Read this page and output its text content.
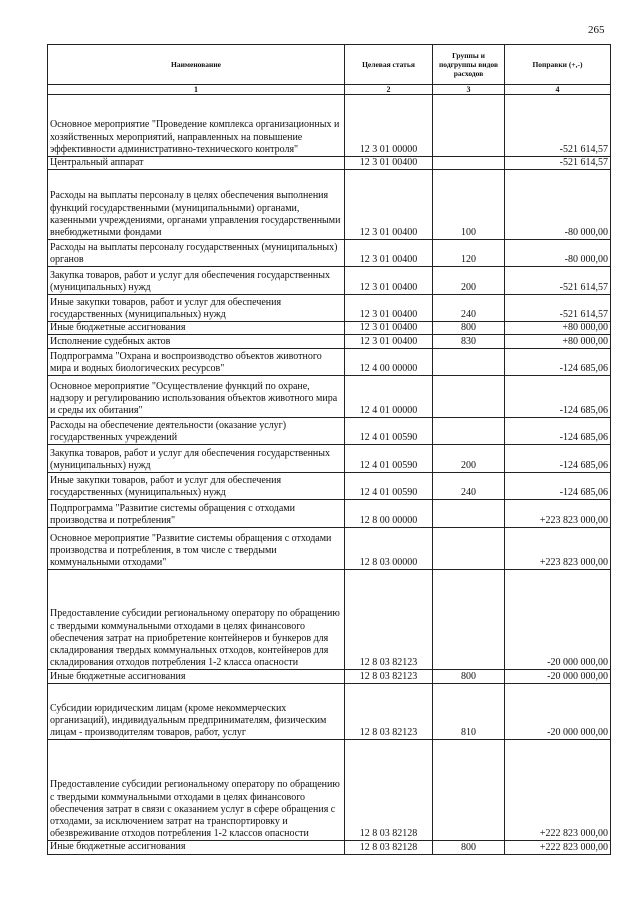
265
Наименование	Целевая статья	Группы и подгруппы видов расходов	Поправки (+,-)
1	2	3	4
Основное мероприятие "Проведение комплекса организационных и хозяйственных мероприятий, направленных на повышение эффективности административно-технического контроля"	12 3 01 00000		-521 614,57
Центральный аппарат	12 3 01 00400		-521 614,57
Расходы на выплаты персоналу в целях обеспечения выполнения функций государственными (муниципальными) органами, казенными учреждениями, органами управления государственными внебюджетными фондами	12 3 01 00400	100	-80 000,00
Расходы на выплаты персоналу государственных (муниципальных) органов	12 3 01 00400	120	-80 000,00
Закупка товаров, работ и услуг для обеспечения государственных (муниципальных) нужд	12 3 01 00400	200	-521 614,57
Иные закупки товаров, работ и услуг для обеспечения государственных (муниципальных) нужд	12 3 01 00400	240	-521 614,57
Иные бюджетные ассигнования	12 3 01 00400	800	+80 000,00
Исполнение судебных актов	12 3 01 00400	830	+80 000,00
Подпрограмма "Охрана и воспроизводство объектов животного мира и водных биологических ресурсов"	12 4 00 00000		-124 685,06
Основное мероприятие "Осуществление функций по охране, надзору и регулированию использования объектов животного мира и среды их обитания"	12 4 01 00000		-124 685,06
Расходы на обеспечение деятельности (оказание услуг) государственных учреждений	12 4 01 00590		-124 685,06
Закупка товаров, работ и услуг для обеспечения государственных (муниципальных) нужд	12 4 01 00590	200	-124 685,06
Иные закупки товаров, работ и услуг для обеспечения государственных (муниципальных) нужд	12 4 01 00590	240	-124 685,06
Подпрограмма "Развитие системы обращения с отходами производства и потребления"	12 8 00 00000		+223 823 000,00
Основное мероприятие "Развитие системы обращения с отходами производства и потребления, в том числе с твердыми коммунальными отходами"	12 8 03 00000		+223 823 000,00
Предоставление субсидии региональному оператору по обращению с твердыми коммунальными отходами в целях финансового обеспечения затрат на приобретение контейнеров и бункеров для складирования твердых коммунальных отходов, контейнеров для складирования отходов потребления 1-2 класса опасности	12 8 03 82123		-20 000 000,00
Иные бюджетные ассигнования	12 8 03 82123	800	-20 000 000,00
Субсидии юридическим лицам (кроме некоммерческих организаций), индивидуальным предпринимателям, физическим лицам - производителям товаров, работ, услуг	12 8 03 82123	810	-20 000 000,00
Предоставление субсидии региональному оператору по обращению с твердыми коммунальными отходами в целях финансового обеспечения затрат в связи с оказанием услуг в сфере обращения с отходами, за исключением затрат на транспортировку и обезвреживание отходов потребления 1-2 классов опасности	12 8 03 82128		+222 823 000,00
Иные бюджетные ассигнования	12 8 03 82128	800	+222 823 000,00
